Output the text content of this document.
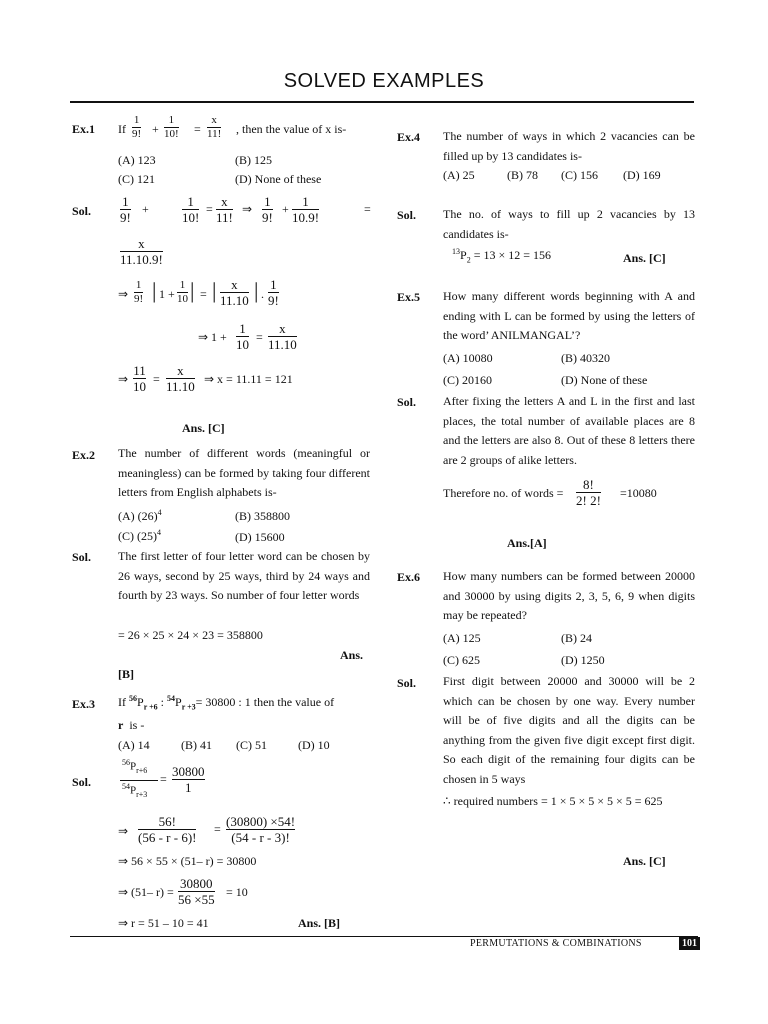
SOLVED EXAMPLES
Ex.1 If
1
9! +
1
10! =
x
11! , then the value of x is-
(A) 123	(B) 125
(C) 121	(D) None of these
Sol.
1
9!
+	1
10!
= x
11!
⇒ 1
9!
+ 1
10.9!
=
x
11.10.9!
⇒
1
9! | 1 +
1
10 | = | x
11.10 | .
1
9!
⇒ 1 +
1
10 =
x
11.10
⇒
11
10 =
x
11.10 ⇒ x = 11.11 = 121
Ans. [C]
Ex.2 The number of different words (meaningful or meaningless) can be formed by taking four different letters from English alphabets is-
(A) $(26)^4$	(B) 358800
(C) $(25)^4$	(D) 15600
Sol. The first letter of four letter word can be chosen by 26 ways, second by 25 ways, third by 24 ways and fourth by 23 ways. So number of four letter words
= 26 × 25 × 24 × 23 = 358800
Ans.
[B]
Ex.3 If $^{56}P_{r +6}$ : $^{54}P_{r +3}= 30800$ : 1 then the value of
r is -
(A) 14	(B) 41 (C) 51	(D) 10
Sol.
$^{56}P_{r+6}$
$^{54}P_{r+3}$
= 30800
1
⇒
56!
(56 - r - 6)!
= (30800) ×54!
(54 - r - 3)!
⇒ 56 × 55 × (51– r) = 30800
⇒ (51– r) =
30800
56 ×55 = 10
⇒ r = 51 – 10 = 41	Ans. [B]
Ex.4 The number of ways in which 2 vacancies can be filled up by 13 candidates is-
(A) 25	(B) 78 (C) 156 (D) 169
Sol. The no. of ways to fill up 2 vacancies by 13 candidates is-
$^{13}P_2 = 13 \times 12 = 156$	Ans. [C]
Ex.5 How many different words beginning with A and ending with L can be formed by using the letters of the word’ ANILMANGAL’?
(A) 10080	(B) 40320
(C) 20160	(D) None of these
Sol. After fixing the letters A and L in the first and last places, the total number of available places are 8 and the letters are also 8. Out of these 8 letters there are 2 groups of alike letters.
Therefore no. of words =
8!
2! 2! =10080
Ans.[A]
Ex.6 How many numbers can be formed between 20000 and 30000 by using digits 2, 3, 5, 6, 9 when digits may be repeated?
(A) 125	(B) 24
(C) 625	(D) 1250
Sol. First digit between 20000 and 30000 will be 2 which can be chosen by one way. Every number will be of five digits and all the digits can be anything from the given five digit except first digit. So each digit of the remaining four digits can be chosen in 5 ways
∴ required numbers = 1 × 5 × 5 × 5 × 5 = 625
Ans. [C]
PERMUTATIONS & COMBINATIONS	101
